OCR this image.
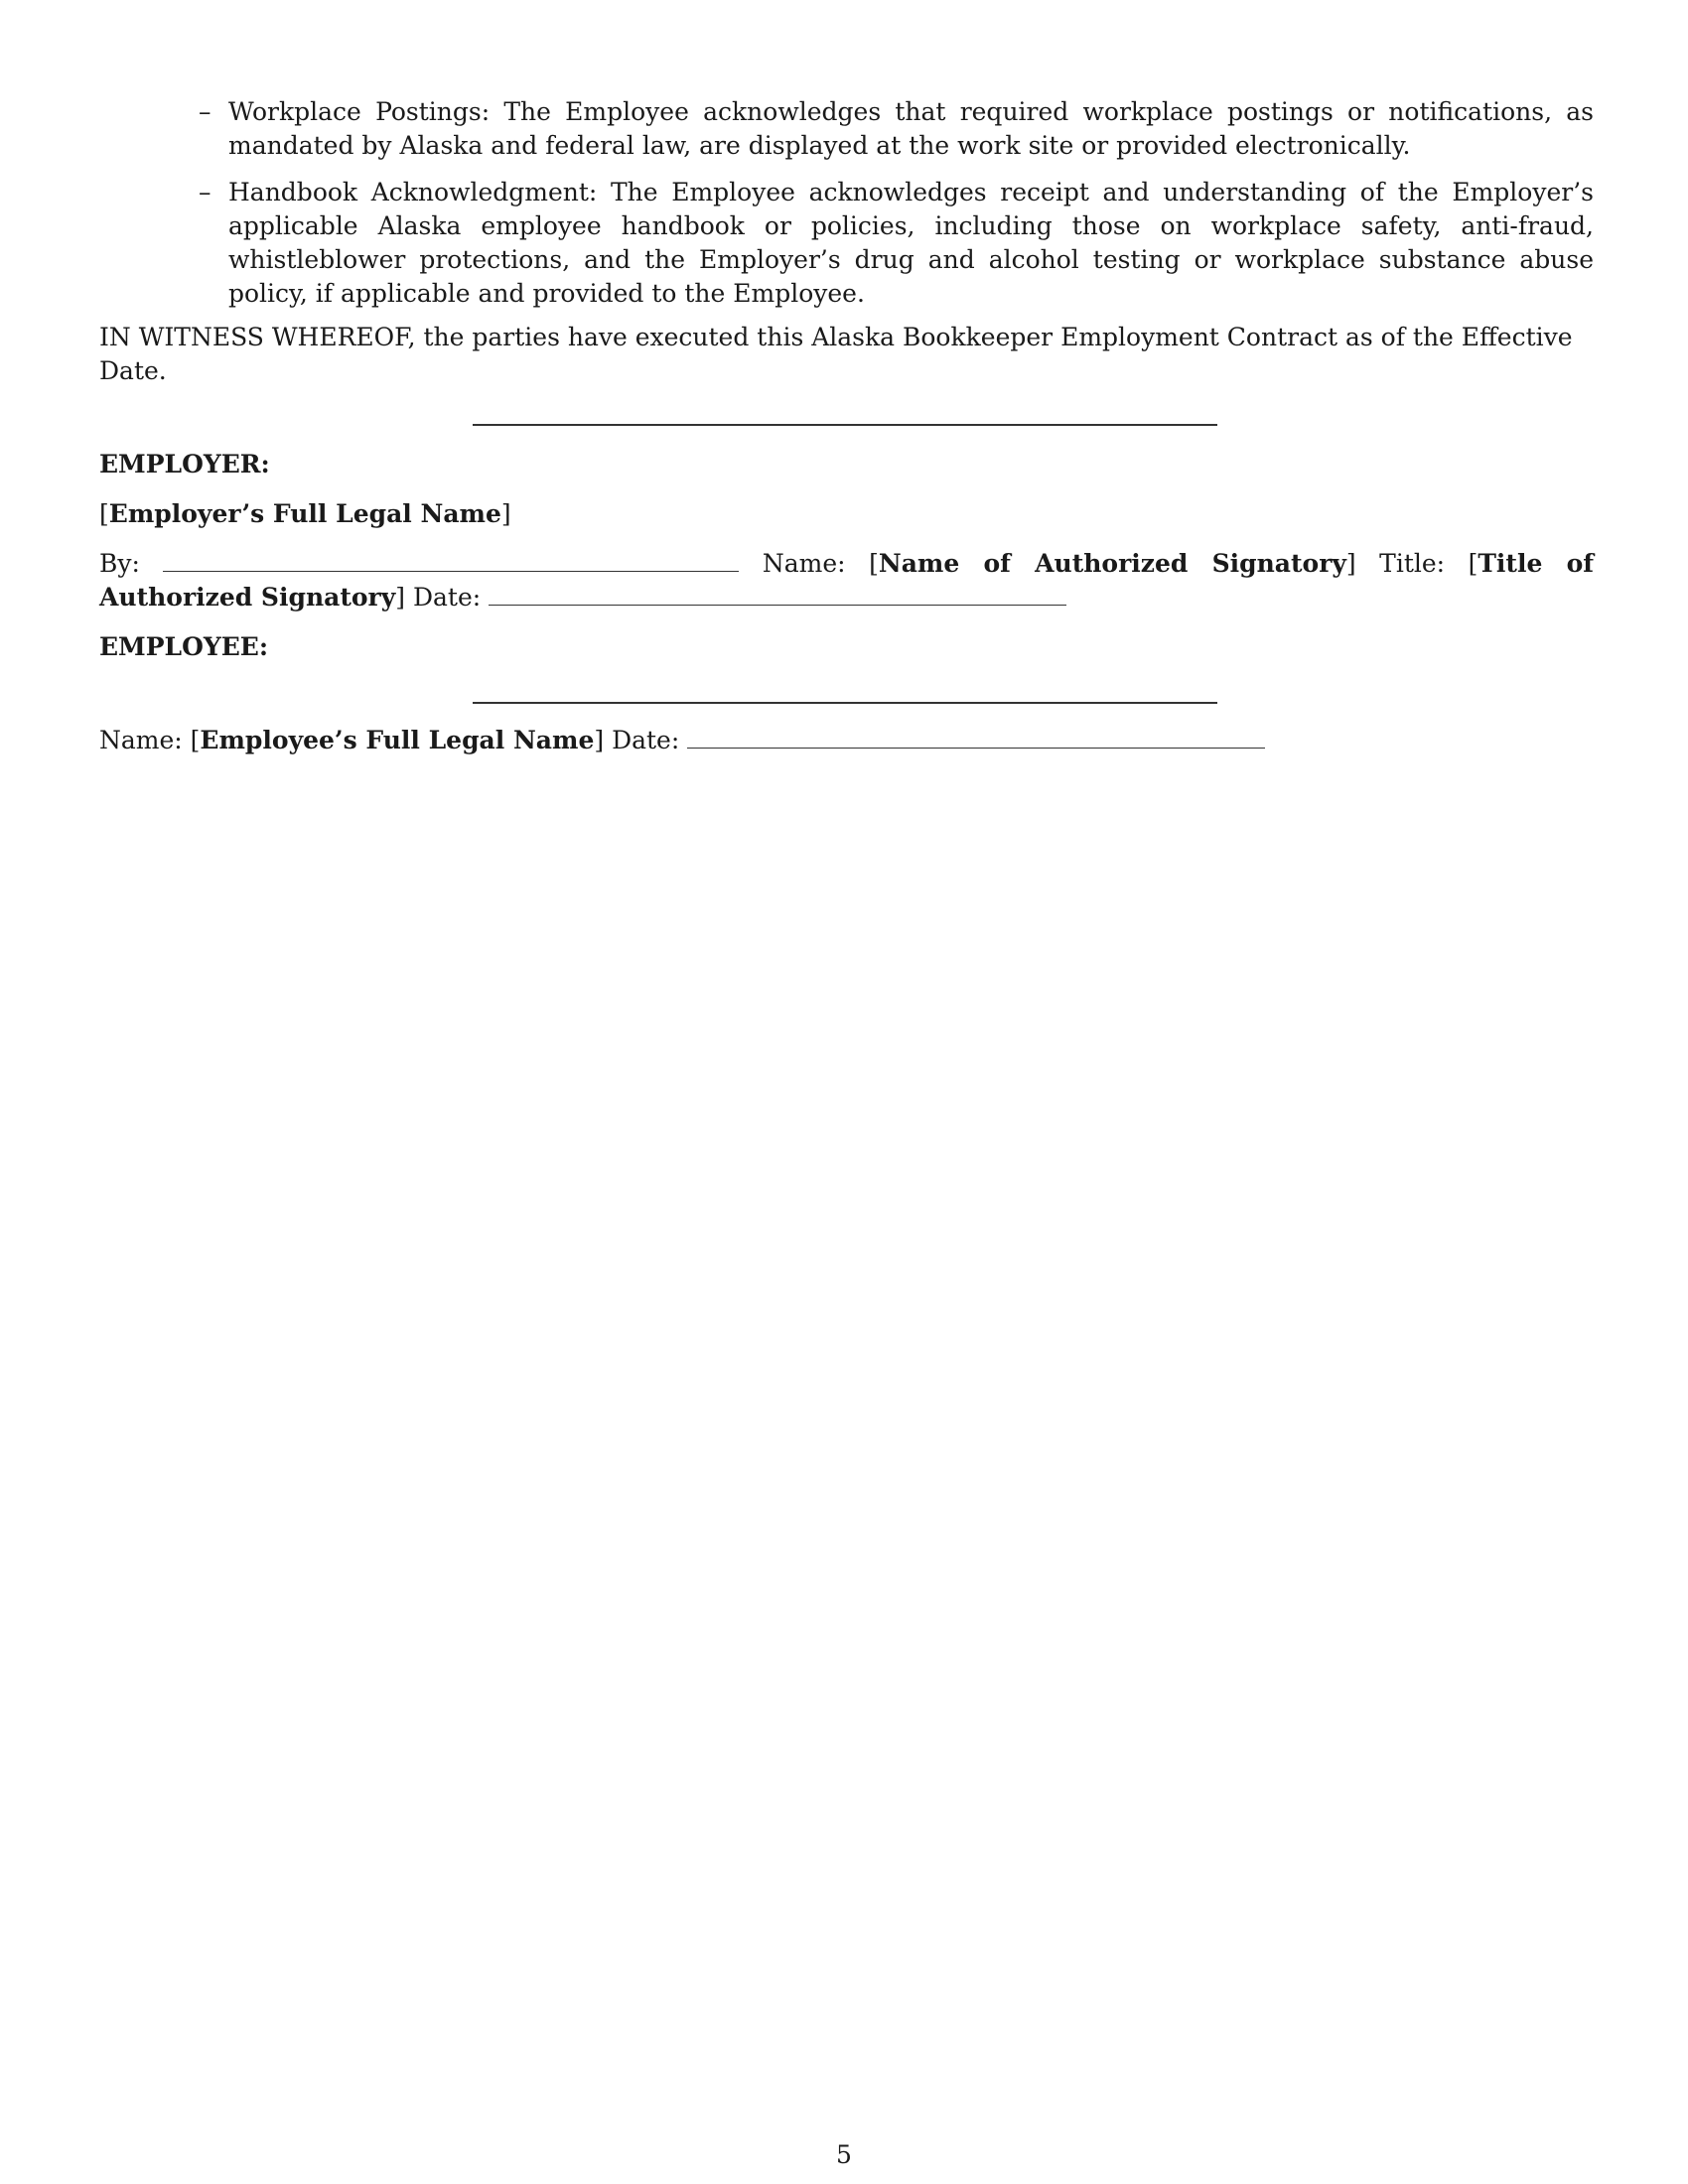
– Workplace Postings: The Employee acknowledges that required workplace postings or notifications, as mandated by Alaska and federal law, are displayed at the work site or provided electronically.
– Handbook Acknowledgment: The Employee acknowledges receipt and understanding of the Employer’s applicable Alaska employee handbook or policies, including those on workplace safety, anti-fraud, whistleblower protections, and the Employer’s drug and alcohol testing or workplace substance abuse policy, if applicable and provided to the Employee.

IN WITNESS WHEREOF, the parties have executed this Alaska Bookkeeper Employment Contract as of the Effective Date.

EMPLOYER:

[Employer’s Full Legal Name]

By:	Name: [Name of Authorized Signatory] Title: [Title of Authorized Signatory] Date:

EMPLOYEE:

Name: [Employee’s Full Legal Name] Date:

5
